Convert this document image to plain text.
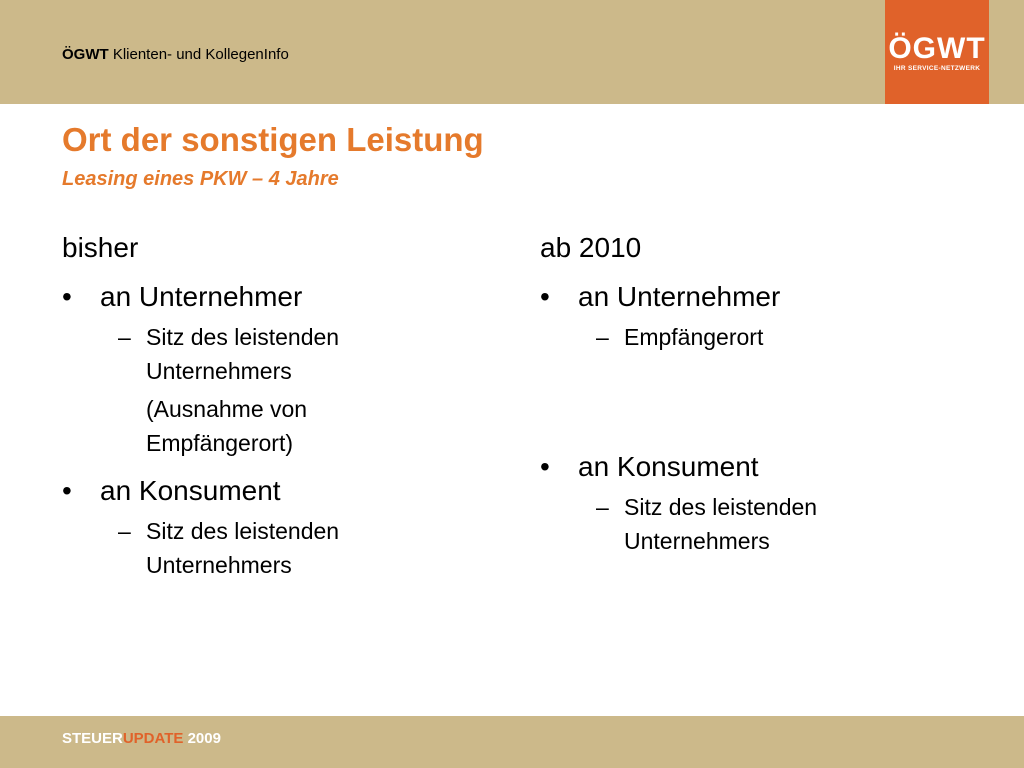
ÖGWT Klienten- und KollegenInfo	ÖGWT
IHR SERVICE-NETZWERK
Ort der sonstigen Leistung
Leasing eines PKW – 4 Jahre
bisher
• an Unternehmer
– Sitz des leistenden
Unternehmers
(Ausnahme von
Empfängerort)
• an Konsument
– Sitz des leistenden
Unternehmers
ab 2010
• an Unternehmer
– Empfängerort
• an Konsument
– Sitz des leistenden
Unternehmers
STEUERUPDATE 2009
